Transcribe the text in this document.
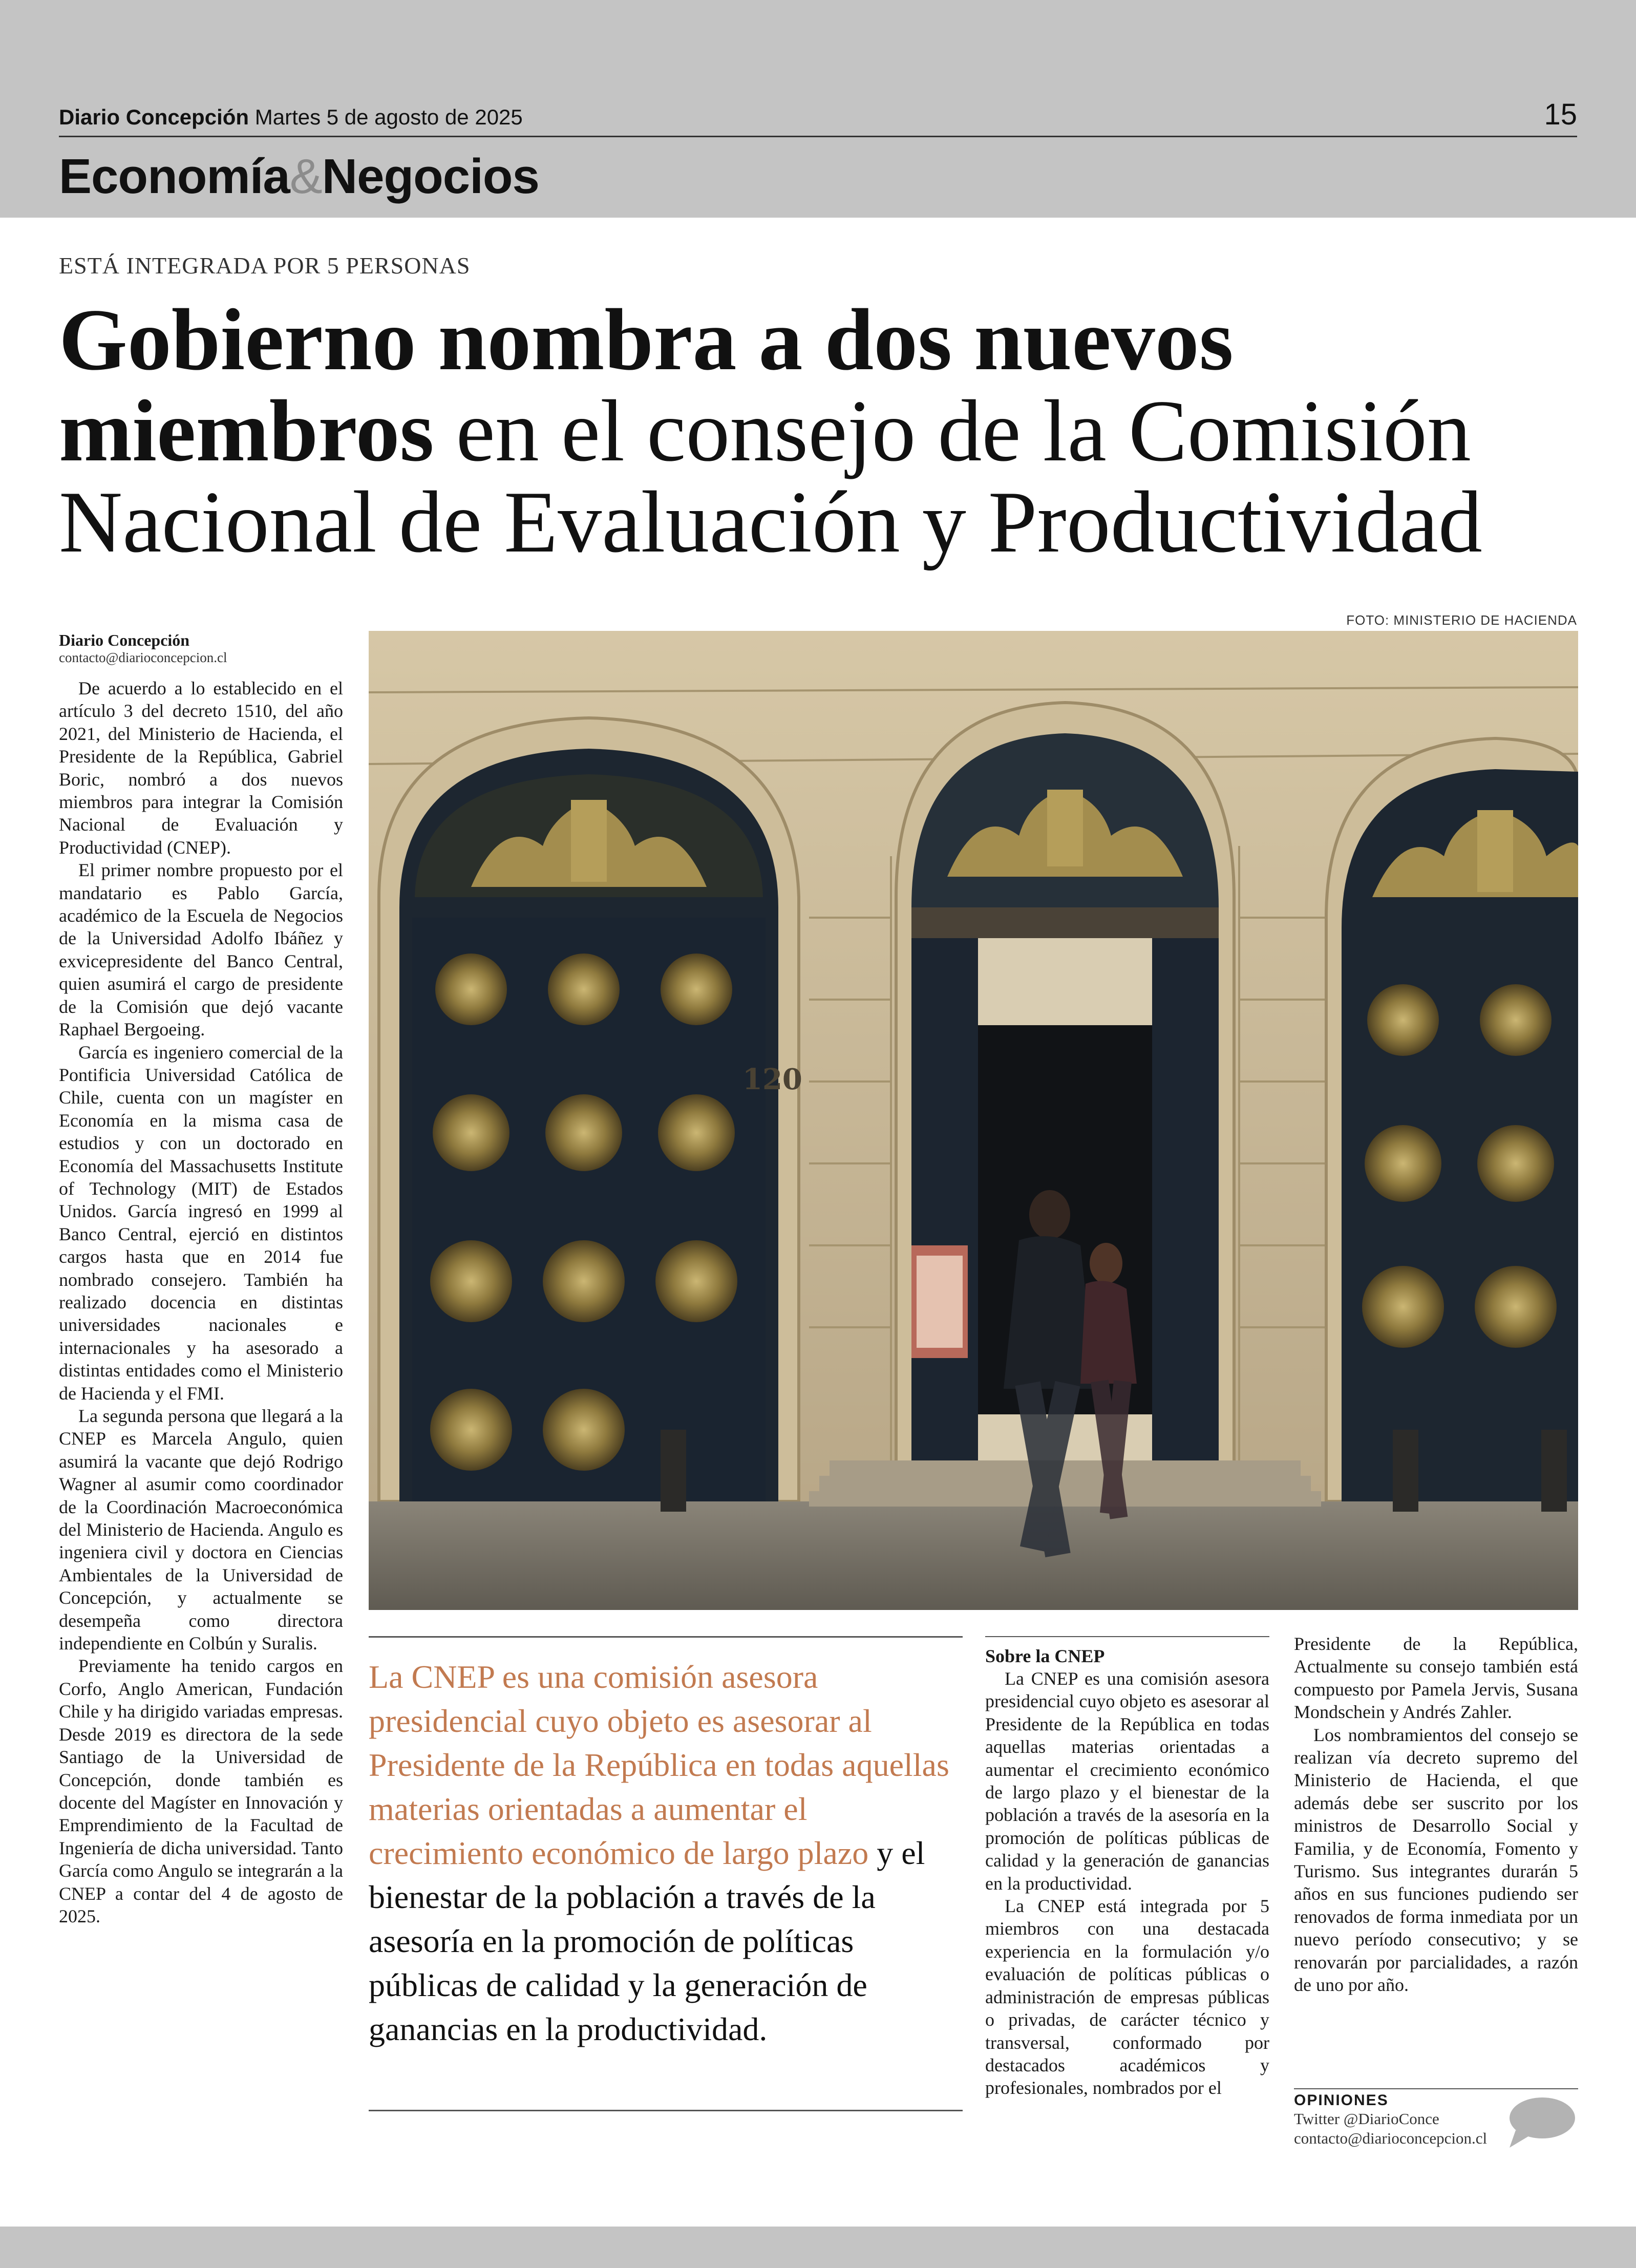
Diario Concepción Martes 5 de agosto de 2025	15
Economía&Negocios
ESTÁ INTEGRADA POR 5 PERSONAS
Gobierno nombra a dos nuevos miembros en el consejo de la Comisión Nacional de Evaluación y Productividad
FOTO: MINISTERIO DE HACIENDA
Diario Concepción
contacto@diarioconcepcion.cl

De acuerdo a lo establecido en el artículo 3 del decreto 1510, del año 2021, del Ministerio de Hacienda, el Presidente de la República, Gabriel Boric, nombró a dos nuevos miembros para integrar la Comisión Nacional de Evaluación y Productividad (CNEP).

El primer nombre propuesto por el mandatario es Pablo García, académico de la Escuela de Negocios de la Universidad Adolfo Ibáñez y exvicepresidente del Banco Central, quien asumirá el cargo de presidente de la Comisión que dejó vacante Raphael Bergoeing.

García es ingeniero comercial de la Pontificia Universidad Católica de Chile, cuenta con un magíster en Economía en la misma casa de estudios y con un doctorado en Economía del Massachusetts Institute of Technology (MIT) de Estados Unidos. García ingresó en 1999 al Banco Central, ejerció en distintos cargos hasta que en 2014 fue nombrado consejero. También ha realizado docencia en distintas universidades nacionales e internacionales y ha asesorado a distintas entidades como el Ministerio de Hacienda y el FMI.

La segunda persona que llegará a la CNEP es Marcela Angulo, quien asumirá la vacante que dejó Rodrigo Wagner al asumir como coordinador de la Coordinación Macroeconómica del Ministerio de Hacienda. Angulo es ingeniera civil y doctora en Ciencias Ambientales de la Universidad de Concepción, y actualmente se desempeña como directora independiente en Colbún y Suralis.

Previamente ha tenido cargos en Corfo, Anglo American, Fundación Chile y ha dirigido variadas empresas. Desde 2019 es directora de la sede Santiago de la Universidad de Concepción, donde también es docente del Magíster en Innovación y Emprendimiento de la Facultad de Ingeniería de dicha universidad. Tanto García como Angulo se integrarán a la CNEP a contar del 4 de agosto de 2025.

120
La CNEP es una comisión asesora presidencial cuyo objeto es asesorar al Presidente de la República en todas aquellas materias orientadas a aumentar el crecimiento económico de largo plazo y el bienestar de la población a través de la asesoría en la promoción de políticas públicas de calidad y la generación de ganancias en la productividad.
Sobre la CNEP

La CNEP es una comisión asesora presidencial cuyo objeto es asesorar al Presidente de la República en todas aquellas materias orientadas a aumentar el crecimiento económico de largo plazo y el bienestar de la población a través de la asesoría en la promoción de políticas públicas de calidad y la generación de ganancias en la productividad.

La CNEP está integrada por 5 miembros con una destacada experiencia en la formulación y/o evaluación de políticas públicas o administración de empresas públicas o privadas, de carácter técnico y transversal, conformado por destacados académicos y profesionales, nombrados por el

Presidente de la República, Actualmente su consejo también está compuesto por Pamela Jervis, Susana Mondschein y Andrés Zahler.

Los nombramientos del consejo se realizan vía decreto supremo del Ministerio de Hacienda, el que además debe ser suscrito por los ministros de Desarrollo Social y Familia, y de Economía, Fomento y Turismo. Sus integrantes durarán 5 años en sus funciones pudiendo ser renovados de forma inmediata por un nuevo período consecutivo; y se renovarán por parcialidades, a razón de uno por año.

OPINIONES
Twitter @DiarioConce
contacto@diarioconcepcion.cl
